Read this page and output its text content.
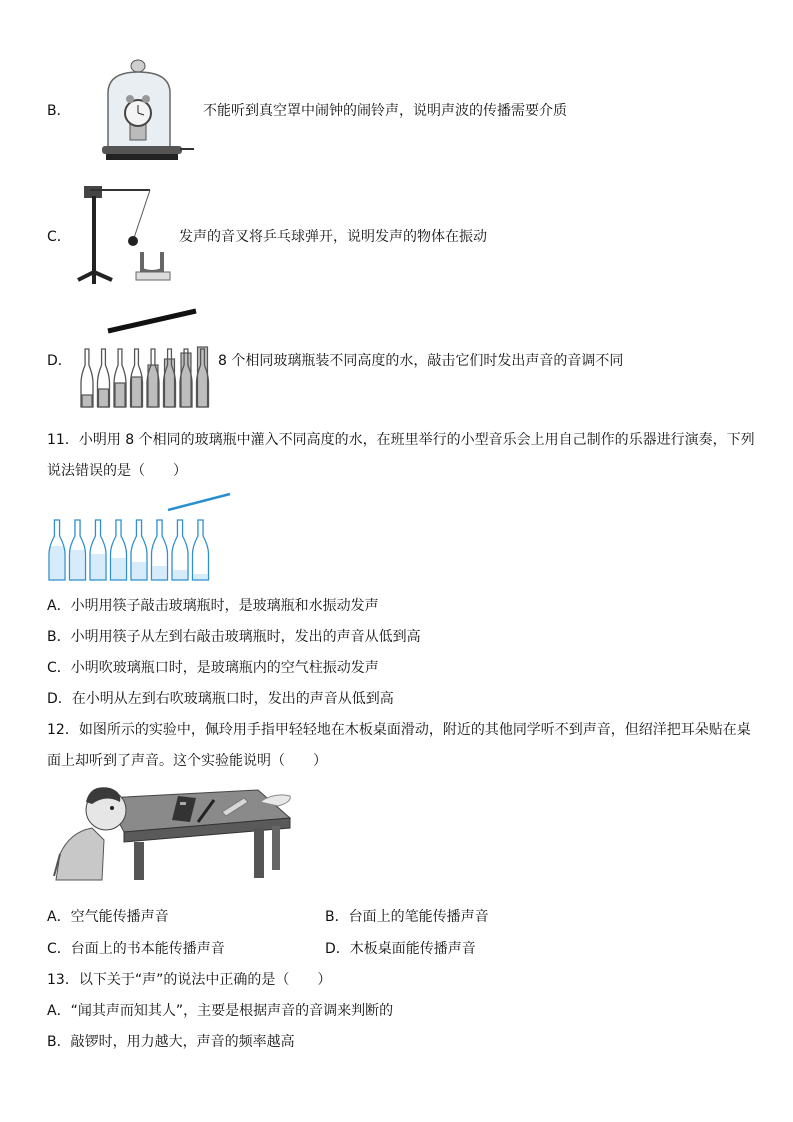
B．	不能听到真空罩中闹钟的闹铃声，说明声波的传播需要介质
C．	发声的音叉将乒乓球弹开，说明发声的物体在振动
D．	8 个相同玻璃瓶装不同高度的水，敲击它们时发出声音的音调不同
11．小明用 8 个相同的玻璃瓶中灌入不同高度的水，在班里举行的小型音乐会上用自己制作的乐器进行演奏，下列
说法错误的是（　　）
A．小明用筷子敲击玻璃瓶时，是玻璃瓶和水振动发声
B．小明用筷子从左到右敲击玻璃瓶时，发出的声音从低到高
C．小明吹玻璃瓶口时，是玻璃瓶内的空气柱振动发声
D．在小明从左到右吹玻璃瓶口时，发出的声音从低到高
12．如图所示的实验中，佩玲用手指甲轻轻地在木板桌面滑动，附近的其他同学听不到声音，但绍洋把耳朵贴在桌
面上却听到了声音。这个实验能说明（　　）
A．空气能传播声音	B．台面上的笔能传播声音
C．台面上的书本能传播声音	D．木板桌面能传播声音
13．以下关于“声”的说法中正确的是（　　）
A．“闻其声而知其人”，主要是根据声音的音调来判断的
B．敲锣时，用力越大，声音的频率越高
